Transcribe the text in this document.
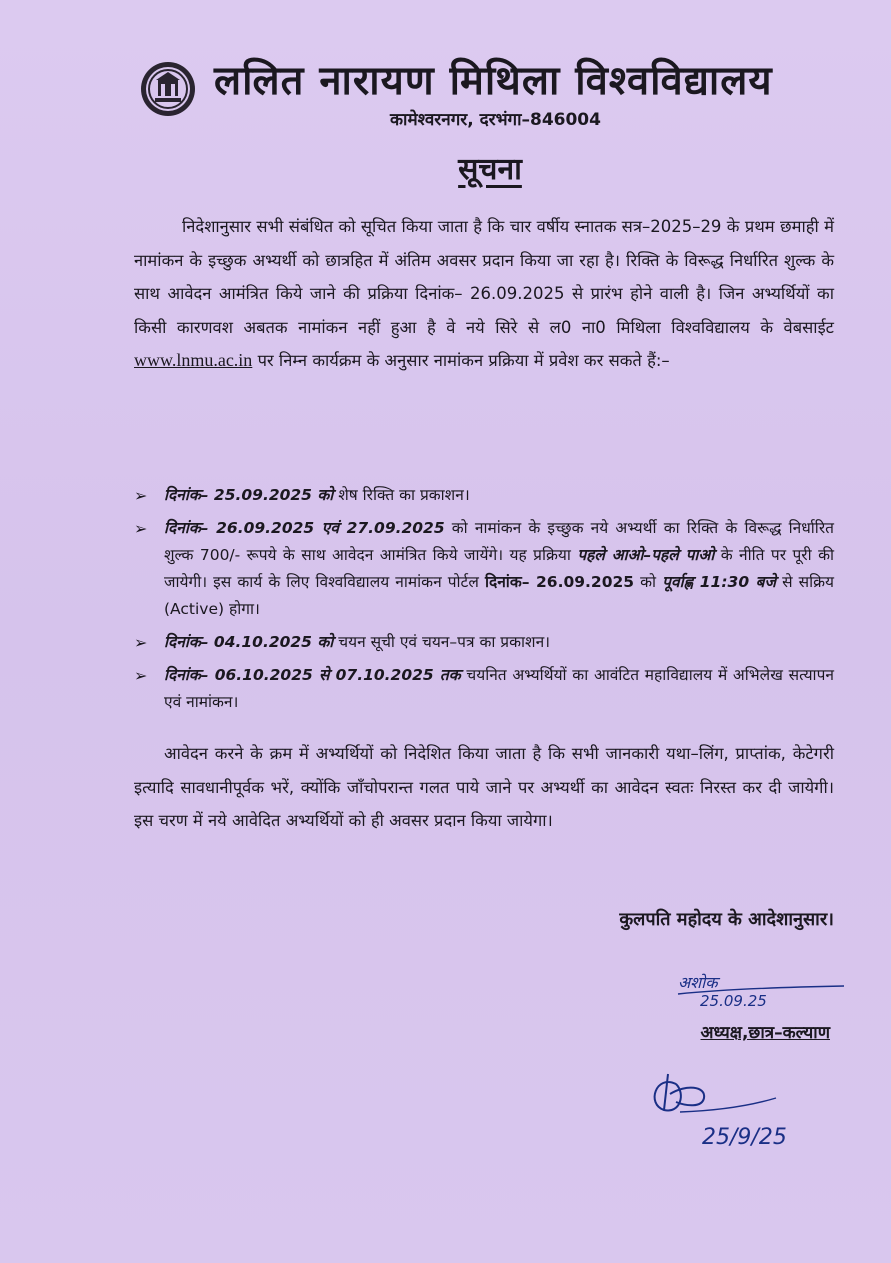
ललित नारायण मिथिला विश्वविद्यालय
कामेश्वरनगर, दरभंगा–846004
सूचना

निदेशानुसार सभी संबंधित को सूचित किया जाता है कि चार वर्षीय स्नातक सत्र–2025–29 के प्रथम छमाही में नामांकन के इच्छुक अभ्यर्थी को छात्रहित में अंतिम अवसर प्रदान किया जा रहा है। रिक्ति के विरूद्ध निर्धारित शुल्क के साथ आवेदन आमंत्रित किये जाने की प्रक्रिया दिनांक– 26.09.2025 से प्रारंभ होने वाली है। जिन अभ्यर्थियों का किसी कारणवश अबतक नामांकन नहीं हुआ है वे नये सिरे से ल0 ना0 मिथिला विश्वविद्यालय के वेबसाईट www.lnmu.ac.in पर निम्न कार्यक्रम के अनुसार नामांकन प्रक्रिया में प्रवेश कर सकते हैं:–

➢ दिनांक– 25.09.2025 को शेष रिक्ति का प्रकाशन।
➢ दिनांक– 26.09.2025 एवं 27.09.2025 को नामांकन के इच्छुक नये अभ्यर्थी का रिक्ति के विरूद्ध निर्धारित शुल्क 700/- रूपये के साथ आवेदन आमंत्रित किये जायेंगे। यह प्रक्रिया पहले आओ–पहले पाओ के नीति पर पूरी की जायेगी। इस कार्य के लिए विश्वविद्यालय नामांकन पोर्टल दिनांक– 26.09.2025 को पूर्वाह्ण 11:30 बजे से सक्रिय (Active) होगा।
➢ दिनांक– 04.10.2025 को चयन सूची एवं चयन–पत्र का प्रकाशन।
➢ दिनांक– 06.10.2025 से 07.10.2025 तक चयनित अभ्यर्थियों का आवंटित महाविद्यालय में अभिलेख सत्यापन एवं नामांकन।

आवेदन करने के क्रम में अभ्यर्थियों को निदेशित किया जाता है कि सभी जानकारी यथा–लिंग, प्राप्तांक, केटेगरी इत्यादि सावधानीपूर्वक भरें, क्योंकि जाँचोपरान्त गलत पाये जाने पर अभ्यर्थी का आवेदन स्वतः निरस्त कर दी जायेगी। इस चरण में नये आवेदित अभ्यर्थियों को ही अवसर प्रदान किया जायेगा।

कुलपति महोदय के आदेशानुसार।
अशोक
25.09.25
अध्यक्ष,छात्र–कल्याण
25/9/25
